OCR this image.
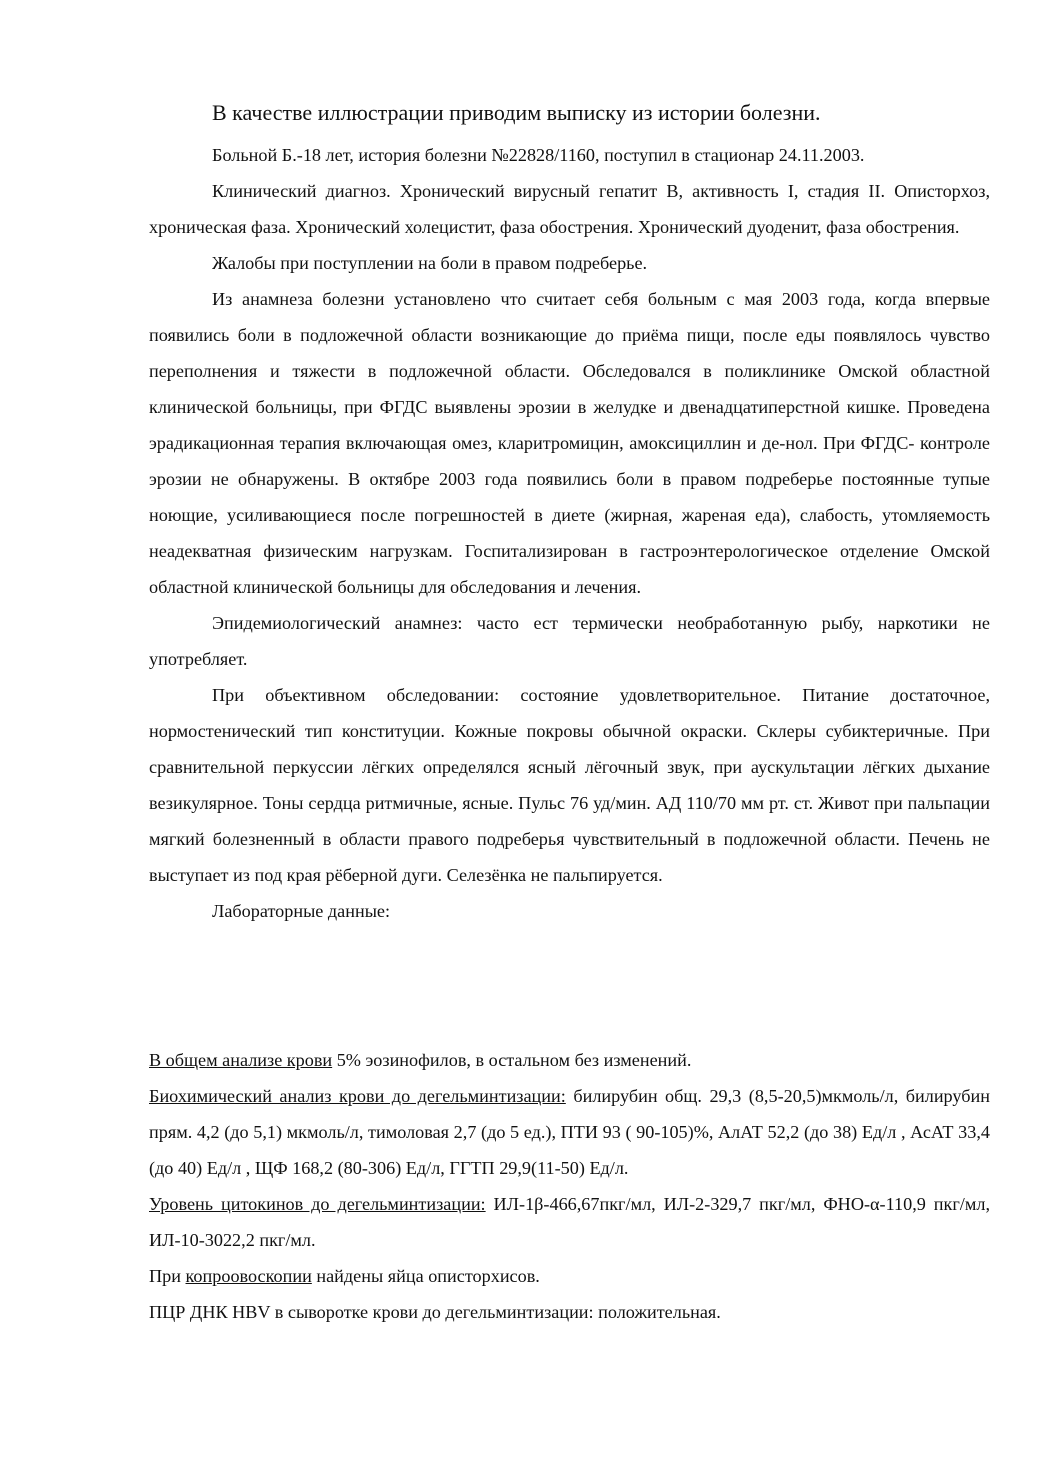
В качестве иллюстрации приводим выписку из истории болезни.

Больной Б.-18 лет, история болезни №22828/1160, поступил в стационар 24.11.2003.

Клинический диагноз. Хронический вирусный гепатит В, активность I, стадия II. Описторхоз, хроническая фаза. Хронический холецистит, фаза обострения. Хронический дуоденит, фаза обострения.

Жалобы при поступлении на боли в правом подреберье.

Из анамнеза болезни установлено что считает себя больным с мая 2003 года, когда впервые появились боли в подложечной области возникающие до приёма пищи, после еды появлялось чувство переполнения и тяжести в подложечной области. Обследовался в поликлинике Омской областной клинической больницы, при ФГДС выявлены эрозии в желудке и двенадцатиперстной кишке. Проведена эрадикационная терапия включающая омез, кларитромицин, амоксициллин и де-нол. При ФГДС- контроле эрозии не обнаружены. В октябре 2003 года появились боли в правом подреберье постоянные тупые ноющие, усиливающиеся после погрешностей в диете (жирная, жареная еда), слабость, утомляемость неадекватная физическим нагрузкам. Госпитализирован в гастроэнтерологическое отделение Омской областной клинической больницы для обследования и лечения.

Эпидемиологический анамнез: часто ест термически необработанную рыбу, наркотики не употребляет.

При объективном обследовании: состояние удовлетворительное. Питание достаточное, нормостенический тип конституции. Кожные покровы обычной окраски. Склеры субиктеричные. При сравнительной перкуссии лёгких определялся ясный лёгочный звук, при аускультации лёгких дыхание везикулярное. Тоны сердца ритмичные, ясные. Пульс 76 уд/мин. АД 110/70 мм рт. ст. Живот при пальпации мягкий болезненный в области правого подреберья чувствительный в подложечной области. Печень не выступает из под края рёберной дуги. Селезёнка не пальпируется.

Лабораторные данные:

В общем анализе крови 5% эозинофилов, в остальном без изменений.

Биохимический анализ крови до дегельминтизации: билирубин общ. 29,3 (8,5-20,5)мкмоль/л, билирубин прям. 4,2 (до 5,1) мкмоль/л, тимоловая 2,7 (до 5 ед.), ПТИ 93 ( 90-105)%, АлАТ 52,2 (до 38) Ед/л , АсАТ 33,4 (до 40) Ед/л , ЩФ 168,2 (80-306) Ед/л, ГГТП 29,9(11-50) Ед/л.

Уровень цитокинов до дегельминтизации: ИЛ-1β-466,67пкг/мл, ИЛ-2-329,7 пкг/мл, ФНО-α-110,9 пкг/мл, ИЛ-10-3022,2 пкг/мл.

При копроовоскопии найдены яйца описторхисов.

ПЦР ДНК HBV в сыворотке крови до дегельминтизации: положительная.
